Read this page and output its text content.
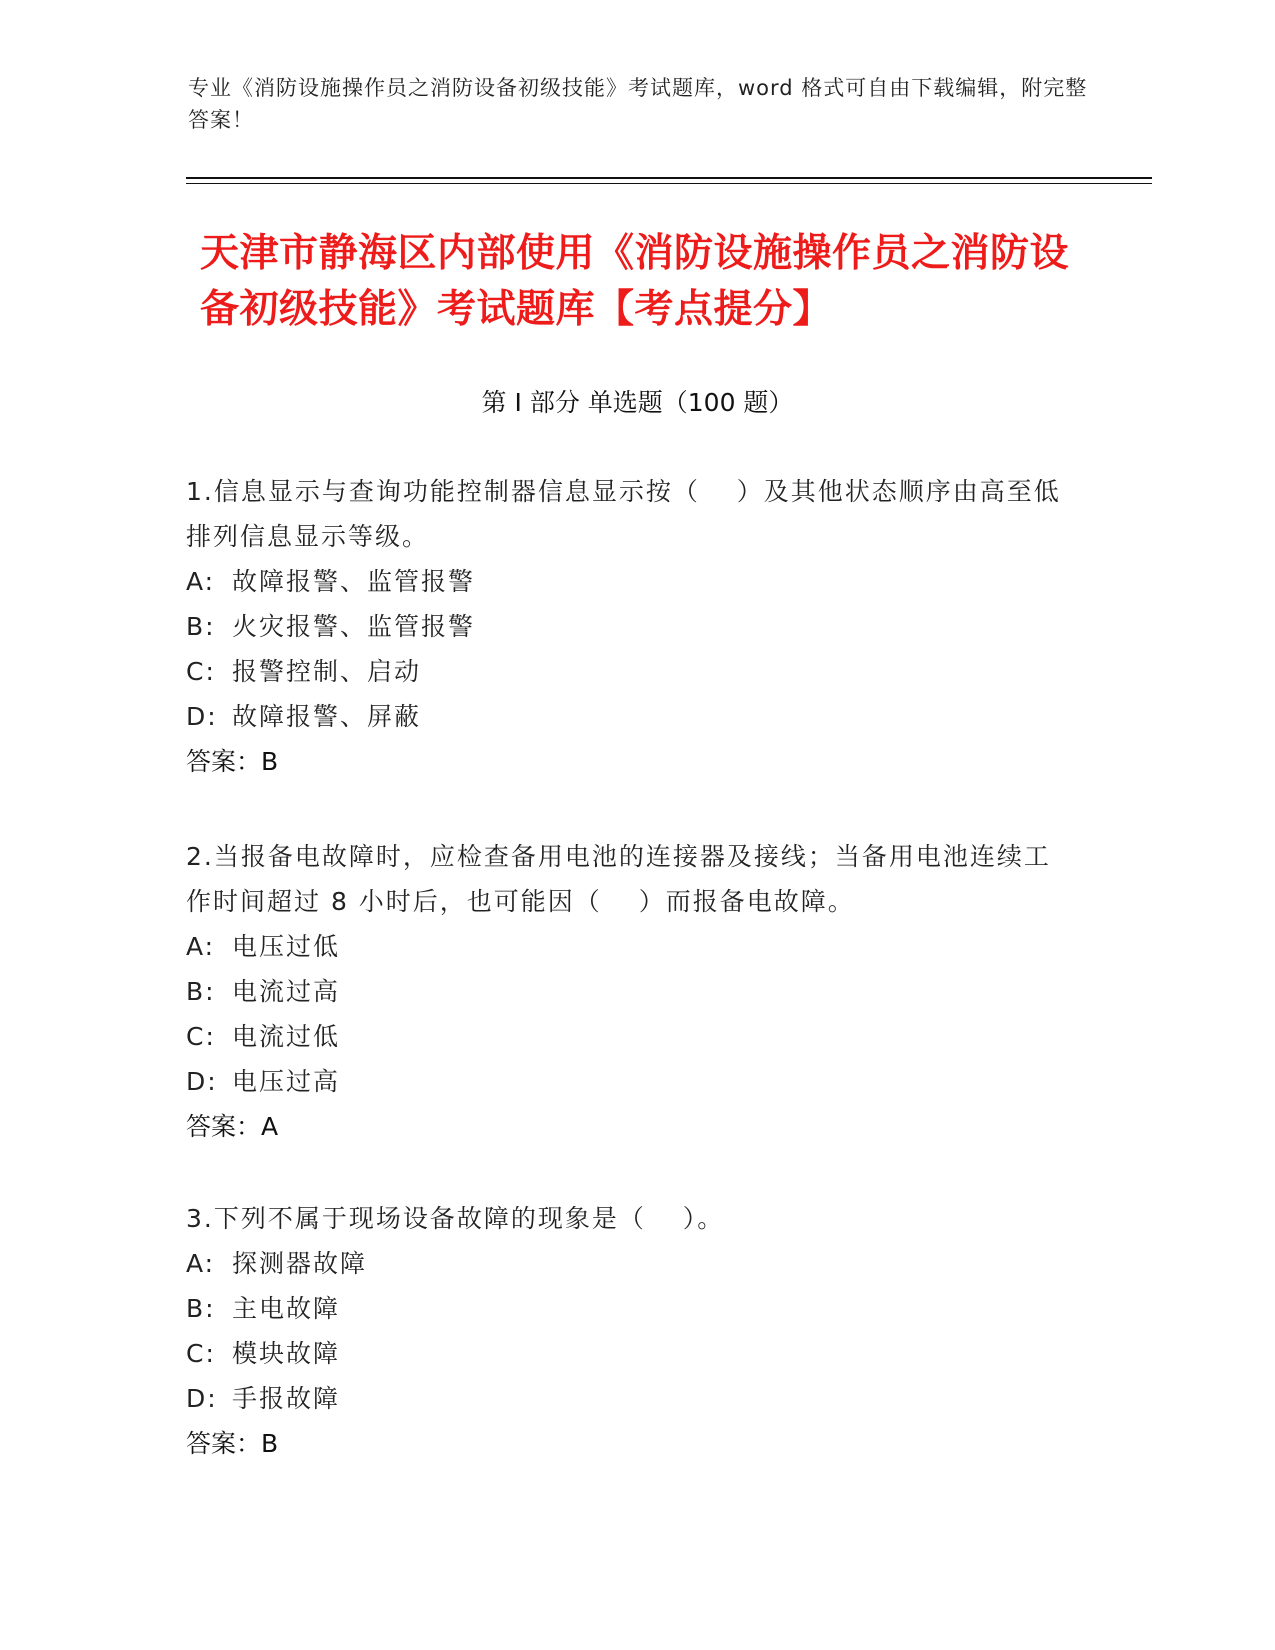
专业《消防设施操作员之消防设备初级技能》考试题库，word 格式可自由下载编辑，附完整答案！
天津市静海区内部使用《消防设施操作员之消防设备初级技能》考试题库【考点提分】
第 I 部分 单选题（100 题）

1.信息显示与查询功能控制器信息显示按（　 ）及其他状态顺序由高至低排列信息显示等级。

A: 故障报警、监管报警

B: 火灾报警、监管报警

C: 报警控制、启动

D: 故障报警、屏蔽

答案：B

2.当报备电故障时，应检查备用电池的连接器及接线；当备用电池连续工作时间超过 8 小时后，也可能因（　 ）而报备电故障。

A: 电压过低

B: 电流过高

C: 电流过低

D: 电压过高

答案：A

3.下列不属于现场设备故障的现象是（　 ）。

A: 探测器故障

B: 主电故障

C: 模块故障

D: 手报故障

答案：B
